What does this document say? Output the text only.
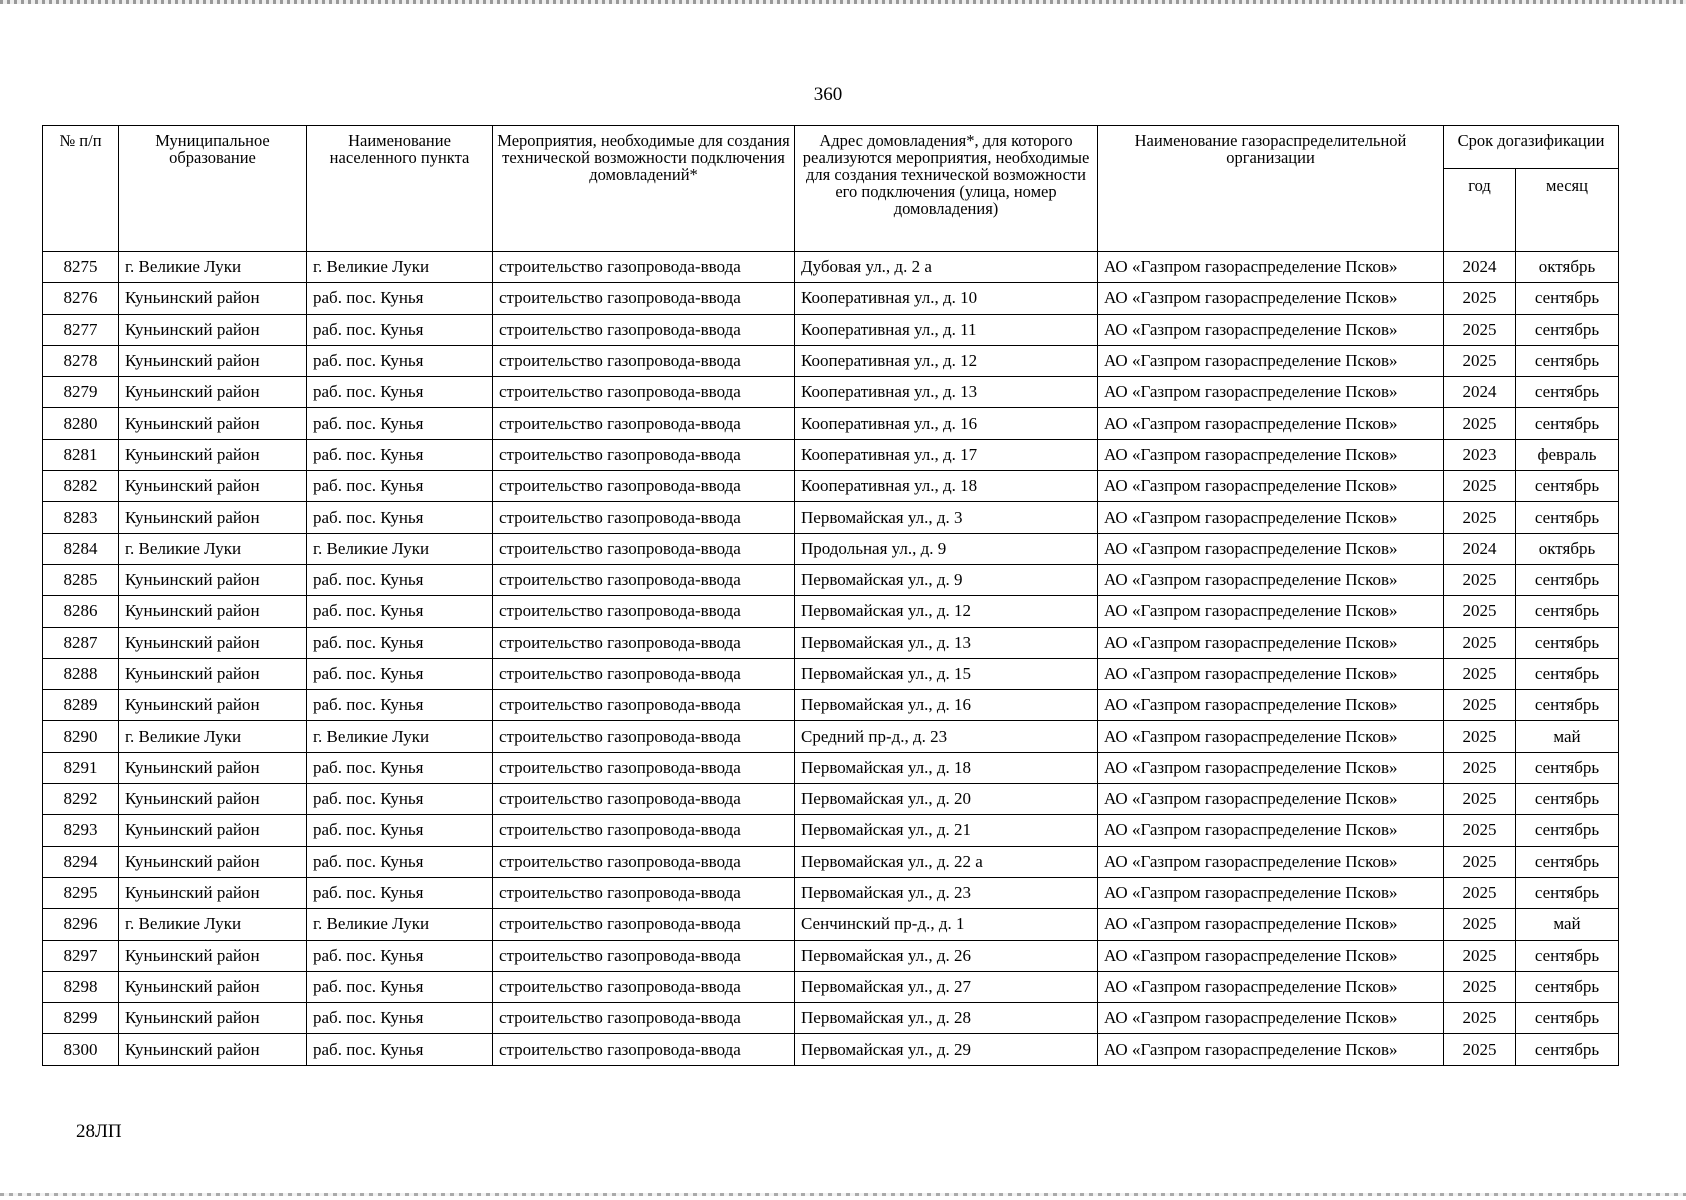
360
№ п/п	Муниципальное образование	Наименование населенного пункта	Мероприятия, необходимые для создания технической возможности подключения домовладений*	Адрес домовладения*, для которого реализуются мероприятия, необходимые для создания технической возможности его подключения (улица, номер домовладения)	Наименование газораспределительной организации	Срок догазификации	
						год	месяц
8275	г. Великие Луки	г. Великие Луки	строительство газопровода-ввода	Дубовая ул., д. 2 а	АО «Газпром газораспределение Псков»	2024	октябрь
8276	Куньинский район	раб. пос. Кунья	строительство газопровода-ввода	Кооперативная ул., д. 10	АО «Газпром газораспределение Псков»	2025	сентябрь
8277	Куньинский район	раб. пос. Кунья	строительство газопровода-ввода	Кооперативная ул., д. 11	АО «Газпром газораспределение Псков»	2025	сентябрь
8278	Куньинский район	раб. пос. Кунья	строительство газопровода-ввода	Кооперативная ул., д. 12	АО «Газпром газораспределение Псков»	2025	сентябрь
8279	Куньинский район	раб. пос. Кунья	строительство газопровода-ввода	Кооперативная ул., д. 13	АО «Газпром газораспределение Псков»	2024	сентябрь
8280	Куньинский район	раб. пос. Кунья	строительство газопровода-ввода	Кооперативная ул., д. 16	АО «Газпром газораспределение Псков»	2025	сентябрь
8281	Куньинский район	раб. пос. Кунья	строительство газопровода-ввода	Кооперативная ул., д. 17	АО «Газпром газораспределение Псков»	2023	февраль
8282	Куньинский район	раб. пос. Кунья	строительство газопровода-ввода	Кооперативная ул., д. 18	АО «Газпром газораспределение Псков»	2025	сентябрь
8283	Куньинский район	раб. пос. Кунья	строительство газопровода-ввода	Первомайская ул., д. 3	АО «Газпром газораспределение Псков»	2025	сентябрь
8284	г. Великие Луки	г. Великие Луки	строительство газопровода-ввода	Продольная ул., д. 9	АО «Газпром газораспределение Псков»	2024	октябрь
8285	Куньинский район	раб. пос. Кунья	строительство газопровода-ввода	Первомайская ул., д. 9	АО «Газпром газораспределение Псков»	2025	сентябрь
8286	Куньинский район	раб. пос. Кунья	строительство газопровода-ввода	Первомайская ул., д. 12	АО «Газпром газораспределение Псков»	2025	сентябрь
8287	Куньинский район	раб. пос. Кунья	строительство газопровода-ввода	Первомайская ул., д. 13	АО «Газпром газораспределение Псков»	2025	сентябрь
8288	Куньинский район	раб. пос. Кунья	строительство газопровода-ввода	Первомайская ул., д. 15	АО «Газпром газораспределение Псков»	2025	сентябрь
8289	Куньинский район	раб. пос. Кунья	строительство газопровода-ввода	Первомайская ул., д. 16	АО «Газпром газораспределение Псков»	2025	сентябрь
8290	г. Великие Луки	г. Великие Луки	строительство газопровода-ввода	Средний пр-д., д. 23	АО «Газпром газораспределение Псков»	2025	май
8291	Куньинский район	раб. пос. Кунья	строительство газопровода-ввода	Первомайская ул., д. 18	АО «Газпром газораспределение Псков»	2025	сентябрь
8292	Куньинский район	раб. пос. Кунья	строительство газопровода-ввода	Первомайская ул., д. 20	АО «Газпром газораспределение Псков»	2025	сентябрь
8293	Куньинский район	раб. пос. Кунья	строительство газопровода-ввода	Первомайская ул., д. 21	АО «Газпром газораспределение Псков»	2025	сентябрь
8294	Куньинский район	раб. пос. Кунья	строительство газопровода-ввода	Первомайская ул., д. 22 а	АО «Газпром газораспределение Псков»	2025	сентябрь
8295	Куньинский район	раб. пос. Кунья	строительство газопровода-ввода	Первомайская ул., д. 23	АО «Газпром газораспределение Псков»	2025	сентябрь
8296	г. Великие Луки	г. Великие Луки	строительство газопровода-ввода	Сенчинский пр-д., д. 1	АО «Газпром газораспределение Псков»	2025	май
8297	Куньинский район	раб. пос. Кунья	строительство газопровода-ввода	Первомайская ул., д. 26	АО «Газпром газораспределение Псков»	2025	сентябрь
8298	Куньинский район	раб. пос. Кунья	строительство газопровода-ввода	Первомайская ул., д. 27	АО «Газпром газораспределение Псков»	2025	сентябрь
8299	Куньинский район	раб. пос. Кунья	строительство газопровода-ввода	Первомайская ул., д. 28	АО «Газпром газораспределение Псков»	2025	сентябрь
8300	Куньинский район	раб. пос. Кунья	строительство газопровода-ввода	Первомайская ул., д. 29	АО «Газпром газораспределение Псков»	2025	сентябрь
28ЛП
